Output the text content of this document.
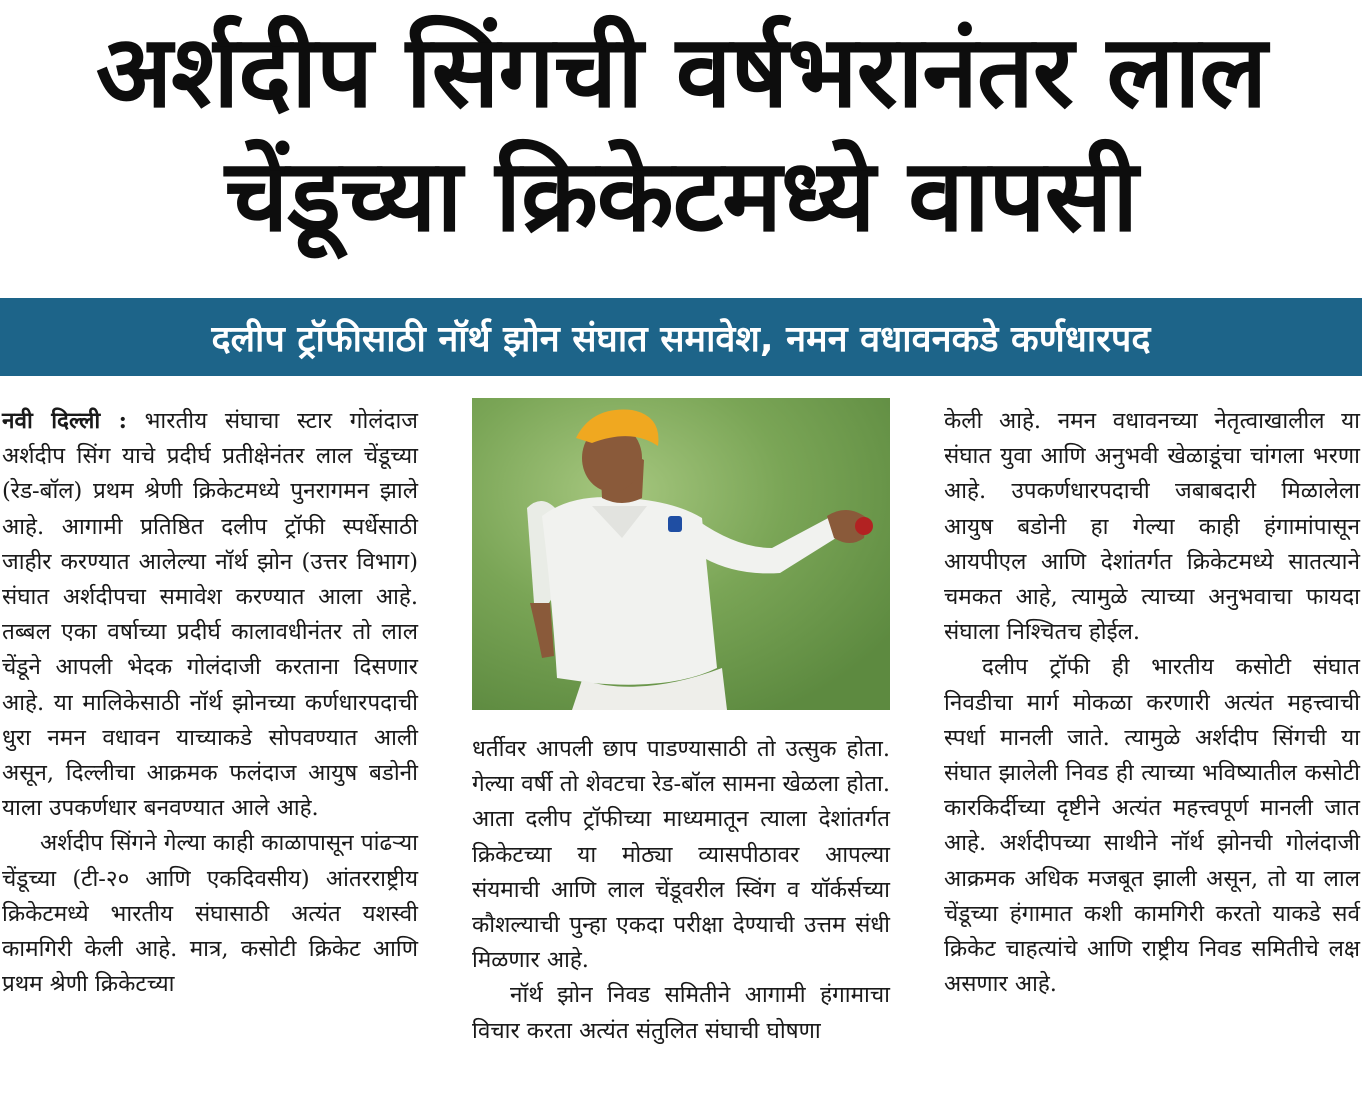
अर्शदीप सिंगची वर्षभरानंतर लाल
चेंडूच्या क्रिकेटमध्ये वापसी
दलीप ट्रॉफीसाठी नॉर्थ झोन संघात समावेश, नमन वधावनकडे कर्णधारपद

नवी दिल्ली : भारतीय संघाचा स्टार गोलंदाज अर्शदीप सिंग याचे प्रदीर्घ प्रतीक्षेनंतर लाल चेंडूच्या (रेड-बॉल) प्रथम श्रेणी क्रिकेटमध्ये पुनरागमन झाले आहे. आगामी प्रतिष्ठित दलीप ट्रॉफी स्पर्धेसाठी जाहीर करण्यात आलेल्या नॉर्थ झोन (उत्तर विभाग) संघात अर्शदीपचा समावेश करण्यात आला आहे. तब्बल एका वर्षाच्या प्रदीर्घ कालावधीनंतर तो लाल चेंडूने आपली भेदक गोलंदाजी करताना दिसणार आहे. या मालिकेसाठी नॉर्थ झोनच्या कर्णधारपदाची धुरा नमन वधावन याच्याकडे सोपवण्यात आली असून, दिल्लीचा आक्रमक फलंदाज आयुष बडोनी याला उपकर्णधार बनवण्यात आले आहे.

अर्शदीप सिंगने गेल्या काही काळापासून पांढऱ्या चेंडूच्या (टी-२० आणि एकदिवसीय) आंतरराष्ट्रीय क्रिकेटमध्ये भारतीय संघासाठी अत्यंत यशस्वी कामगिरी केली आहे. मात्र, कसोटी क्रिकेट आणि प्रथम श्रेणी क्रिकेटच्या

धर्तीवर आपली छाप पाडण्यासाठी तो उत्सुक होता. गेल्या वर्षी तो शेवटचा रेड-बॉल सामना खेळला होता. आता दलीप ट्रॉफीच्या माध्यमातून त्याला देशांतर्गत क्रिकेटच्या या मोठ्या व्यासपीठावर आपल्या संयमाची आणि लाल चेंडूवरील स्विंग व यॉर्कर्सच्या कौशल्याची पुन्हा एकदा परीक्षा देण्याची उत्तम संधी मिळणार आहे.

नॉर्थ झोन निवड समितीने आगामी हंगामाचा विचार करता अत्यंत संतुलित संघाची घोषणा

केली आहे. नमन वधावनच्या नेतृत्वाखालील या संघात युवा आणि अनुभवी खेळाडूंचा चांगला भरणा आहे. उपकर्णधारपदाची जबाबदारी मिळालेला आयुष बडोनी हा गेल्या काही हंगामांपासून आयपीएल आणि देशांतर्गत क्रिकेटमध्ये सातत्याने चमकत आहे, त्यामुळे त्याच्या अनुभवाचा फायदा संघाला निश्चितच होईल.

दलीप ट्रॉफी ही भारतीय कसोटी संघात निवडीचा मार्ग मोकळा करणारी अत्यंत महत्त्वाची स्पर्धा मानली जाते. त्यामुळे अर्शदीप सिंगची या संघात झालेली निवड ही त्याच्या भविष्यातील कसोटी कारकिर्दीच्या दृष्टीने अत्यंत महत्त्वपूर्ण मानली जात आहे. अर्शदीपच्या साथीने नॉर्थ झोनची गोलंदाजी आक्रमक अधिक मजबूत झाली असून, तो या लाल चेंडूच्या हंगामात कशी कामगिरी करतो याकडे सर्व क्रिकेट चाहत्यांचे आणि राष्ट्रीय निवड समितीचे लक्ष असणार आहे.
